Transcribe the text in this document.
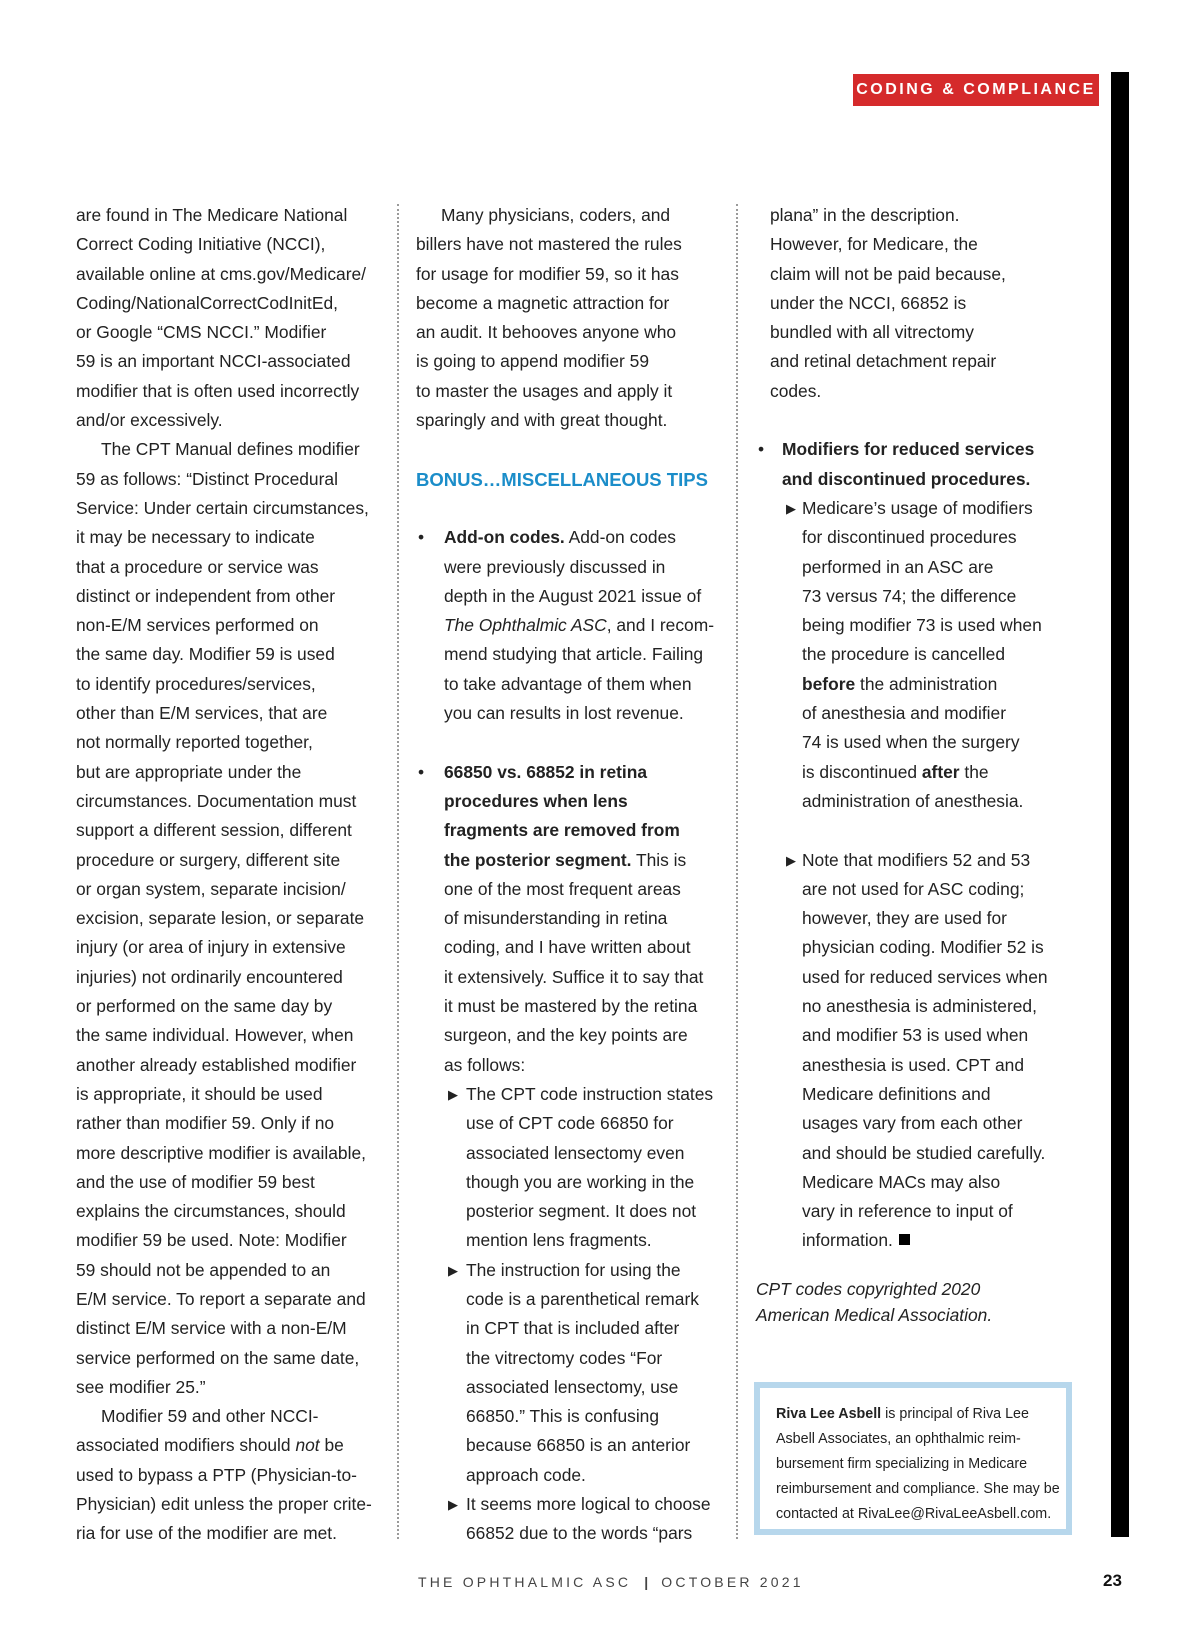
CODING & COMPLIANCE

are found in The Medicare National
Correct Coding Initiative (NCCI),
available online at cms.gov/Medicare/
Coding/NationalCorrectCodInitEd,
or Google “CMS NCCI.” Modifier
59 is an important NCCI-associated
modifier that is often used incorrectly
and/or excessively.

The CPT Manual defines modifier
59 as follows: “Distinct Procedural
Service: Under certain circumstances,
it may be necessary to indicate
that a procedure or service was
distinct or independent from other
non-E/M services performed on
the same day. Modifier 59 is used
to identify procedures/services,
other than E/M services, that are
not normally reported together,
but are appropriate under the
circumstances. Documentation must
support a different session, different
procedure or surgery, different site
or organ system, separate incision/
excision, separate lesion, or separate
injury (or area of injury in extensive
injuries) not ordinarily encountered
or performed on the same day by
the same individual. However, when
another already established modifier
is appropriate, it should be used
rather than modifier 59. Only if no
more descriptive modifier is available,
and the use of modifier 59 best
explains the circumstances, should
modifier 59 be used. Note: Modifier
59 should not be appended to an
E/M service. To report a separate and
distinct E/M service with a non-E/M
service performed on the same date,
see modifier 25.”

Modifier 59 and other NCCI-
associated modifiers should not be
used to bypass a PTP (Physician-to-
Physician) edit unless the proper crite-
ria for use of the modifier are met.

Many physicians, coders, and
billers have not mastered the rules
for usage for modifier 59, so it has
become a magnetic attraction for
an audit. It behooves anyone who
is going to append modifier 59
to master the usages and apply it
sparingly and with great thought.

BONUS…MISCELLANEOUS TIPS

• Add-on codes. Add-on codes
were previously discussed in
depth in the August 2021 issue of
The Ophthalmic ASC, and I recom-
mend studying that article. Failing
to take advantage of them when
you can results in lost revenue.
• 66850 vs. 68852 in retina
procedures when lens
fragments are removed from
the posterior segment. This is
one of the most frequent areas
of misunderstanding in retina
coding, and I have written about
it extensively. Suffice it to say that
it must be mastered by the retina
surgeon, and the key points are
as follows:
▶ The CPT code instruction states
use of CPT code 66850 for
associated lensectomy even
though you are working in the
posterior segment. It does not
mention lens fragments.
▶ The instruction for using the
code is a parenthetical remark
in CPT that is included after
the vitrectomy codes “For
associated lensectomy, use
66850.” This is confusing
because 66850 is an anterior
approach code.
▶ It seems more logical to choose
66852 due to the words “pars
plana” in the description.
However, for Medicare, the
claim will not be paid because,
under the NCCI, 66852 is
bundled with all vitrectomy
and retinal detachment repair
codes.
• Modifiers for reduced services
and discontinued procedures.
▶ Medicare’s usage of modifiers
for discontinued procedures
performed in an ASC are
73 versus 74; the difference
being modifier 73 is used when
the procedure is cancelled
before the administration
of anesthesia and modifier
74 is used when the surgery
is discontinued after the
administration of anesthesia.
▶ Note that modifiers 52 and 53
are not used for ASC coding;
however, they are used for
physician coding. Modifier 52 is
used for reduced services when
no anesthesia is administered,
and modifier 53 is used when
anesthesia is used. CPT and
Medicare definitions and
usages vary from each other
and should be studied carefully.
Medicare MACs may also
vary in reference to input of
information.

CPT codes copyrighted 2020
American Medical Association.

Riva Lee Asbell is principal of Riva Lee
Asbell Associates, an ophthalmic reim-
bursement firm specializing in Medicare
reimbursement and compliance. She may be
contacted at RivaLee@RivaLeeAsbell.com.

THE OPHTHALMIC ASC | OCTOBER 2021	23
